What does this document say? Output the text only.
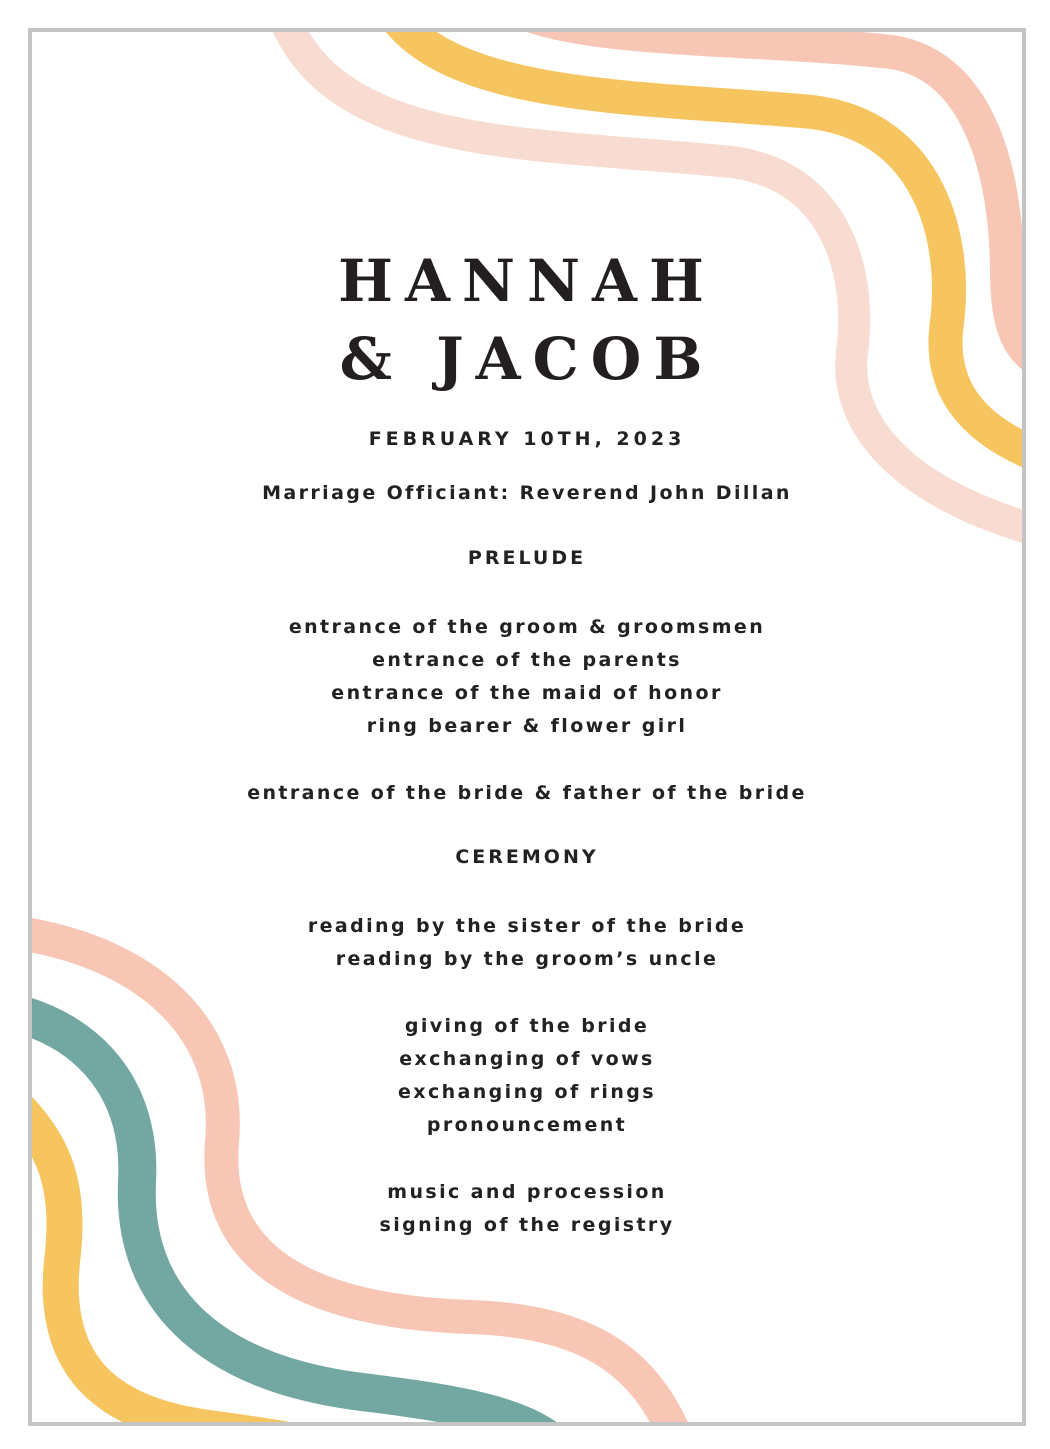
HANNAH
& JACOB
FEBRUARY 10TH, 2023
Marriage Officiant: Reverend John Dillan
PRELUDE
entrance of the groom & groomsmen
entrance of the parents
entrance of the maid of honor
ring bearer & flower girl
entrance of the bride & father of the bride
CEREMONY
reading by the sister of the bride
reading by the groom’s uncle
giving of the bride
exchanging of vows
exchanging of rings
pronouncement
music and procession
signing of the registry
